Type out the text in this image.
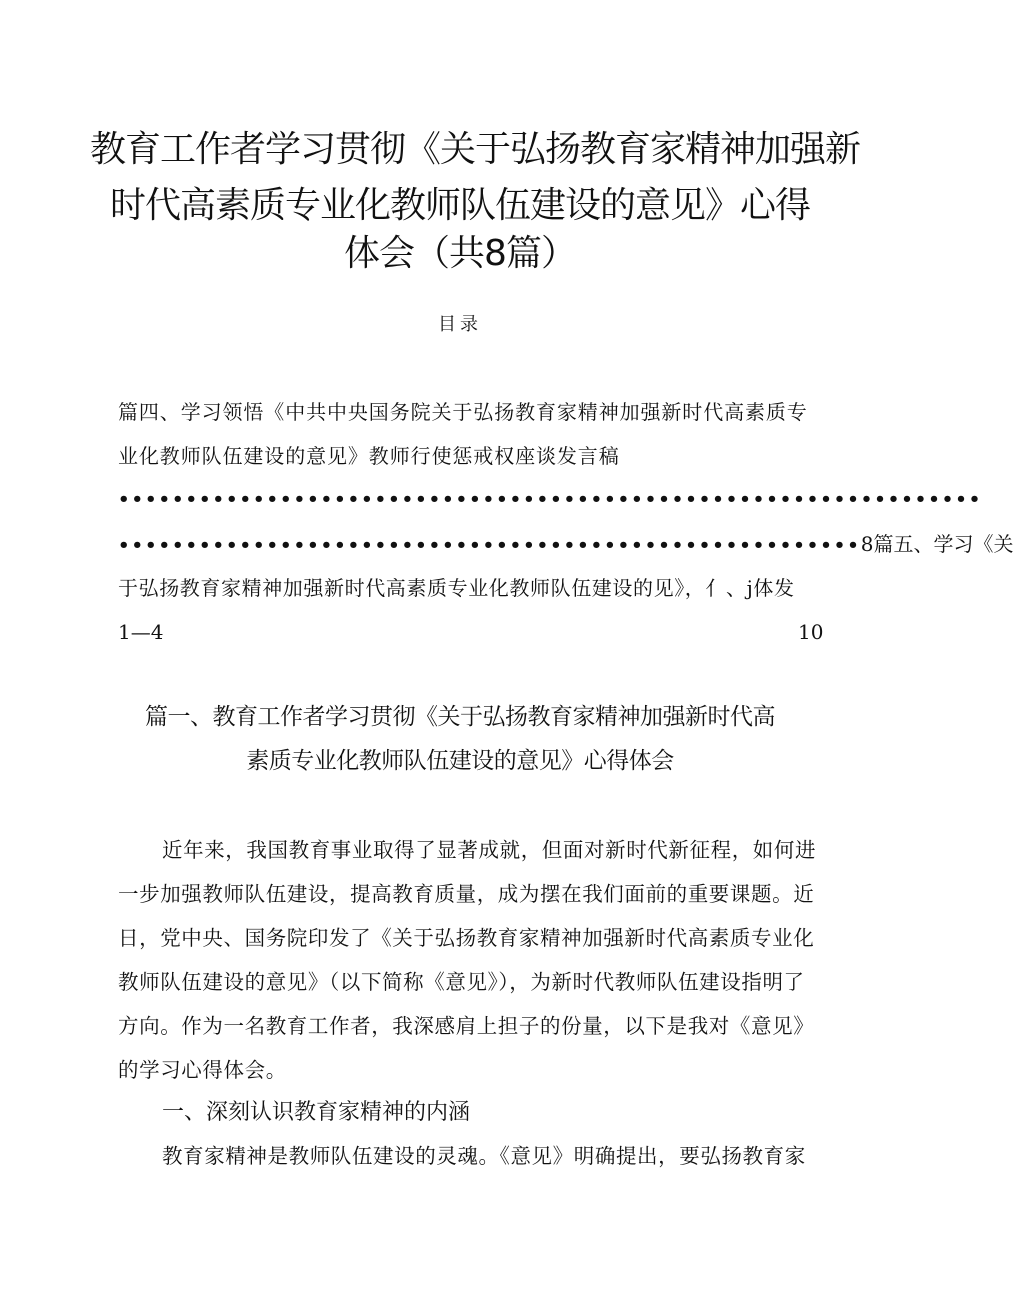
教育工作者学习贯彻《关于弘扬教育家精神加强新
时代高素质专业化教师队伍建设的意见》心得
体会（共8篇）
目录
篇四、学习领悟《中共中央国务院关于弘扬教育家精神加强新时代高素质专
业化教师队伍建设的意见》教师行使惩戒权座谈发言稿
••••••••••••••••••••••••••••••••••••••••••••••••••••••••••••••••
•••••••••••••••••••••••••••••••••••••••••••••••••••••••8篇五、学习《关
于弘扬教育家精神加强新时代高素质专业化教师队伍建设的见》，亻、j体发
1—4	10
篇一、教育工作者学习贯彻《关于弘扬教育家精神加强新时代高
素质专业化教师队伍建设的意见》心得体会
近年来，我国教育事业取得了显著成就，但面对新时代新征程，如何进
一步加强教师队伍建设，提高教育质量，成为摆在我们面前的重要课题。近
日，党中央、国务院印发了《关于弘扬教育家精神加强新时代高素质专业化
教师队伍建设的意见》（以下简称《意见》），为新时代教师队伍建设指明了
方向。作为一名教育工作者，我深感肩上担子的份量，以下是我对《意见》
的学习心得体会。
一、深刻认识教育家精神的内涵
教育家精神是教师队伍建设的灵魂。《意见》明确提出，要弘扬教育家
